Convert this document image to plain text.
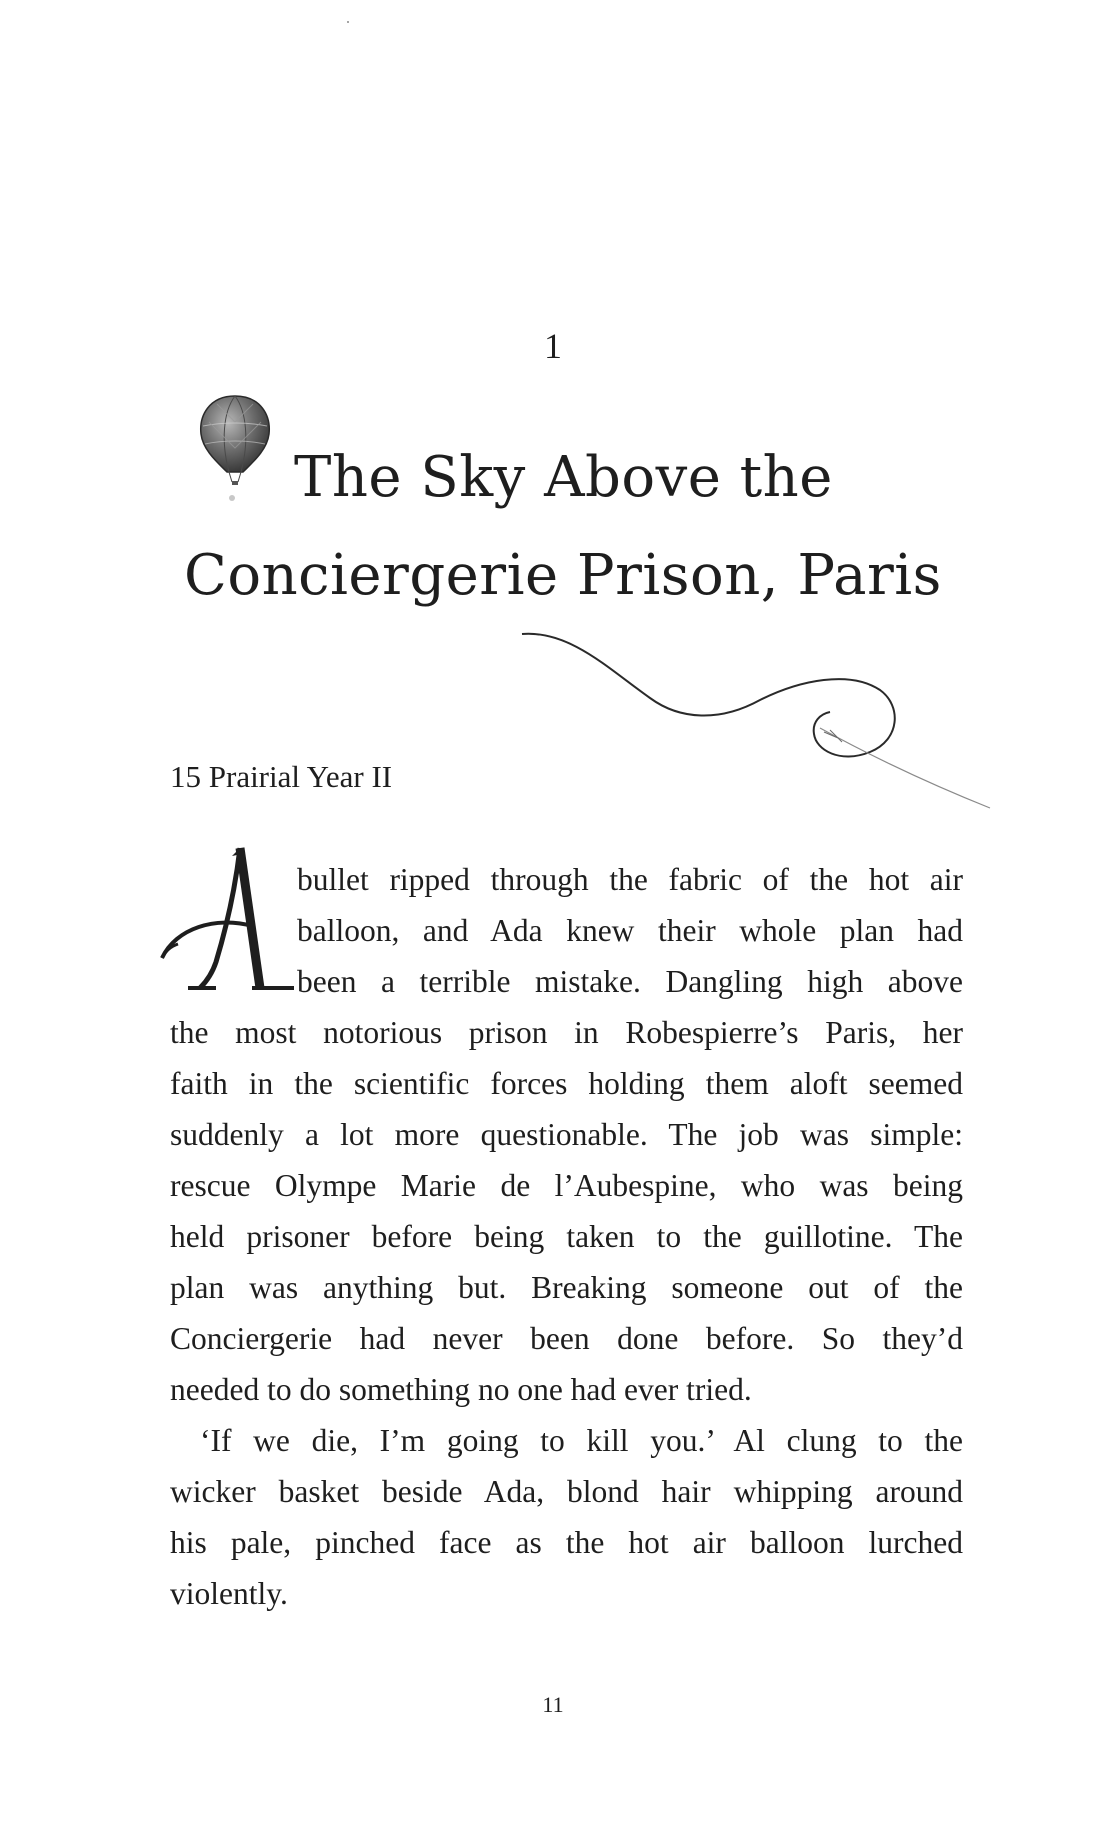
1
The Sky Above the
Conciergerie Prison, Paris
15 Prairial Year II
bullet ripped through the fabric of the hot air
balloon, and Ada knew their whole plan had
been a terrible mistake. Dangling high above
the most notorious prison in Robespierre’s Paris, her
faith in the scientific forces holding them aloft seemed
suddenly a lot more questionable. The job was simple:
rescue Olympe Marie de l’Aubespine, who was being
held prisoner before being taken to the guillotine. The
plan was anything but. Breaking someone out of the
Conciergerie had never been done before. So they’d
needed to do something no one had ever tried.
‘If we die, I’m going to kill you.’ Al clung to the
wicker basket beside Ada, blond hair whipping around
his pale, pinched face as the hot air balloon lurched
violently.
11
